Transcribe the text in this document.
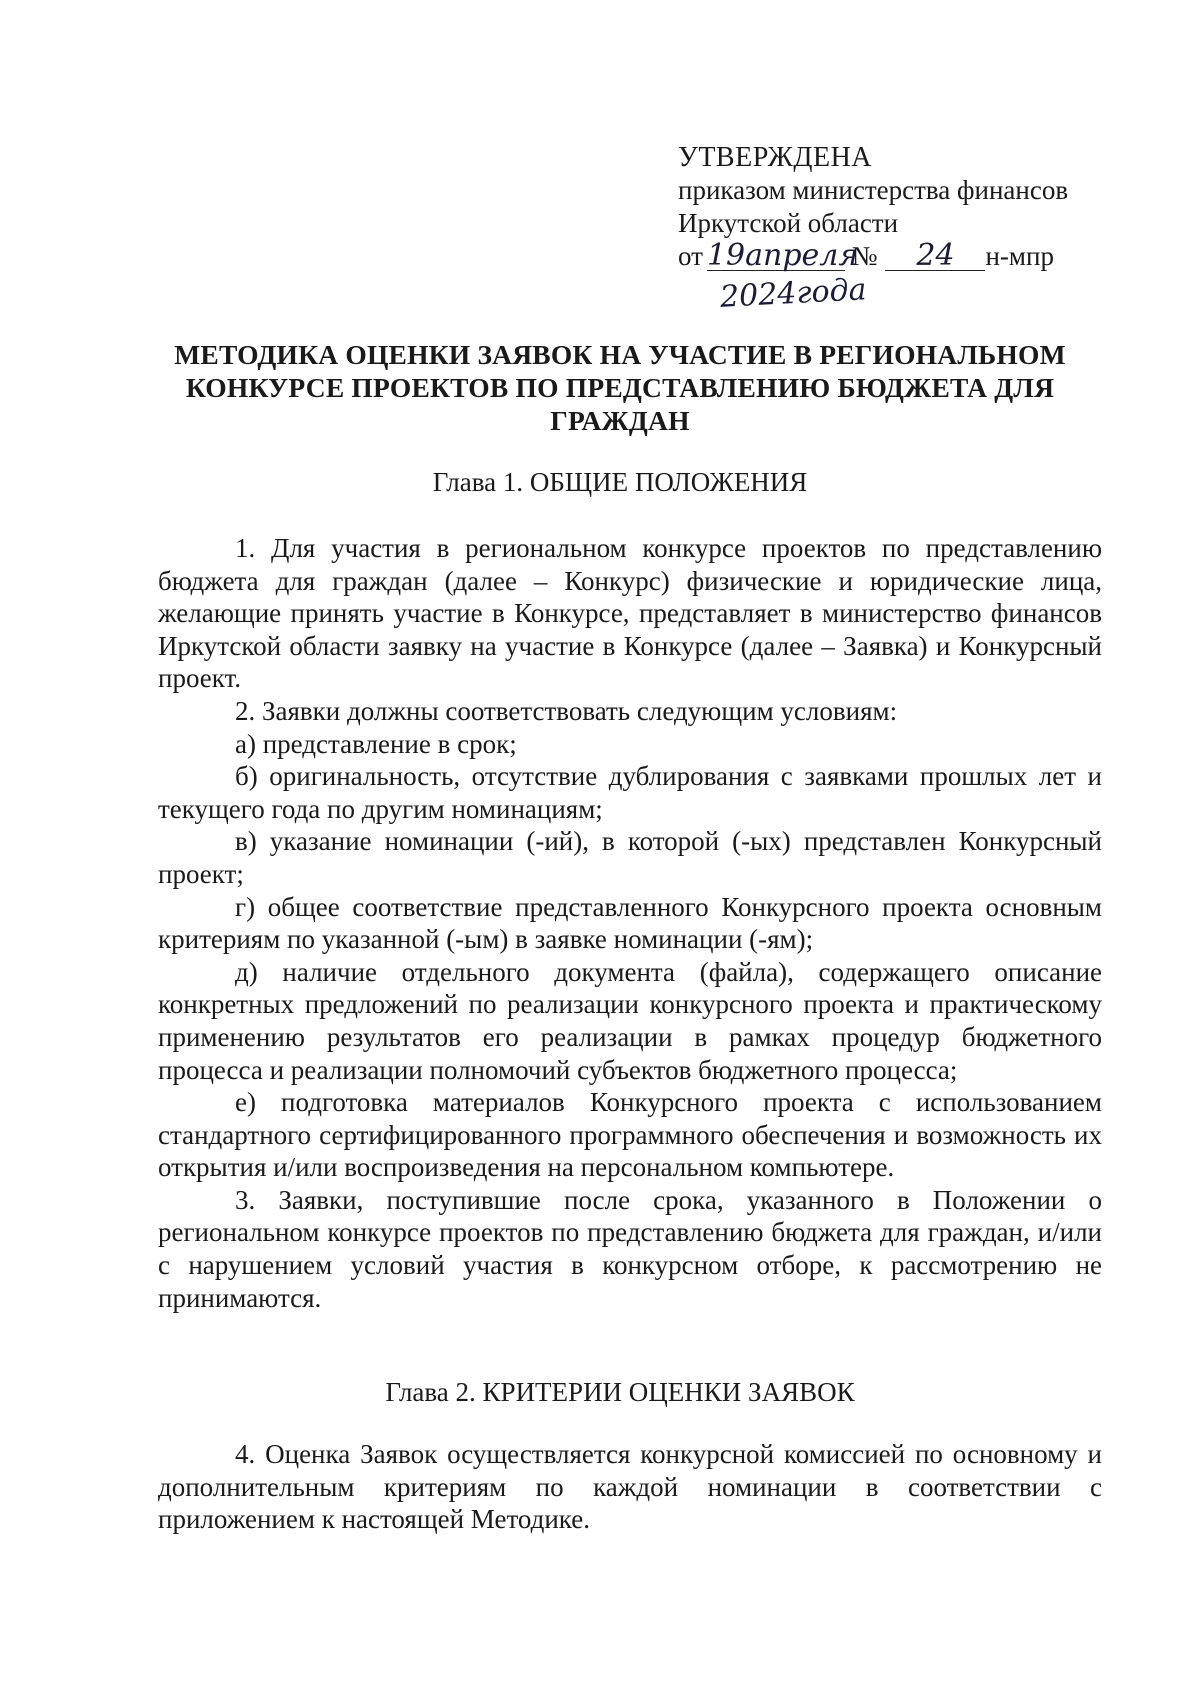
УТВЕРЖДЕНА
приказом министерства финансов
Иркутской области
от 19апреля № 24 н-мпр
2024года
МЕТОДИКА ОЦЕНКИ ЗАЯВОК НА УЧАСТИЕ В РЕГИОНАЛЬНОМ КОНКУРСЕ ПРОЕКТОВ ПО ПРЕДСТАВЛЕНИЮ БЮДЖЕТА ДЛЯ ГРАЖДАН
Глава 1. ОБЩИЕ ПОЛОЖЕНИЯ

1. Для участия в региональном конкурсе проектов по представлению бюджета для граждан (далее – Конкурс) физические и юридические лица, желающие принять участие в Конкурсе, представляет в министерство финансов Иркутской области заявку на участие в Конкурсе (далее – Заявка) и Конкурсный проект.

2. Заявки должны соответствовать следующим условиям:

а) представление в срок;

б) оригинальность, отсутствие дублирования с заявками прошлых лет и текущего года по другим номинациям;

в) указание номинации (-ий), в которой (-ых) представлен Конкурсный проект;

г) общее соответствие представленного Конкурсного проекта основным критериям по указанной (-ым) в заявке номинации (-ям);

д) наличие отдельного документа (файла), содержащего описание конкретных предложений по реализации конкурсного проекта и практическому применению результатов его реализации в рамках процедур бюджетного процесса и реализации полномочий субъектов бюджетного процесса;

е) подготовка материалов Конкурсного проекта с использованием стандартного сертифицированного программного обеспечения и возможность их открытия и/или воспроизведения на персональном компьютере.

3. Заявки, поступившие после срока, указанного в Положении о региональном конкурсе проектов по представлению бюджета для граждан, и/или с нарушением условий участия в конкурсном отборе, к рассмотрению не принимаются.

Глава 2. КРИТЕРИИ ОЦЕНКИ ЗАЯВОК

4. Оценка Заявок осуществляется конкурсной комиссией по основному и дополнительным критериям по каждой номинации в соответствии с приложением к настоящей Методике.
